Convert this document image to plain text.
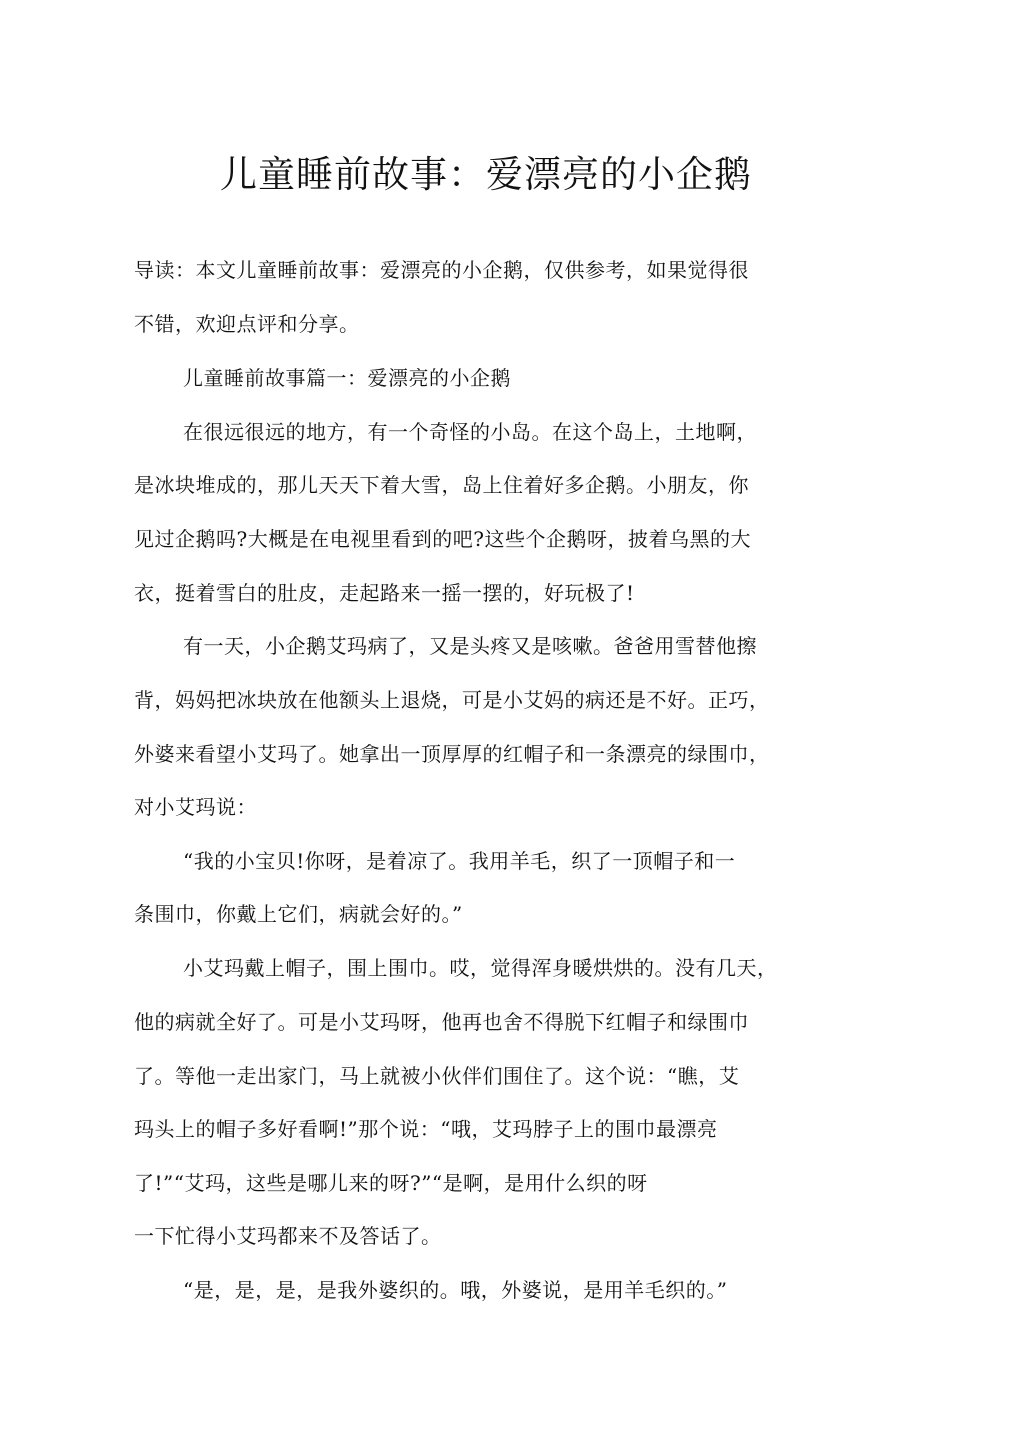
儿童睡前故事：爱漂亮的小企鹅
导读：本文儿童睡前故事：爱漂亮的小企鹅，仅供参考，如果觉得很
不错，欢迎点评和分享。
儿童睡前故事篇一：爱漂亮的小企鹅
在很远很远的地方，有一个奇怪的小岛。在这个岛上，土地啊，
是冰块堆成的，那儿天天下着大雪，岛上住着好多企鹅。小朋友，你
见过企鹅吗?大概是在电视里看到的吧?这些个企鹅呀，披着乌黑的大
衣，挺着雪白的肚皮，走起路来一摇一摆的，好玩极了!
有一天，小企鹅艾玛病了，又是头疼又是咳嗽。爸爸用雪替他擦
背，妈妈把冰块放在他额头上退烧，可是小艾妈的病还是不好。正巧，
外婆来看望小艾玛了。她拿出一顶厚厚的红帽子和一条漂亮的绿围巾，
对小艾玛说：
“我的小宝贝!你呀，是着凉了。我用羊毛，织了一顶帽子和一
条围巾，你戴上它们，病就会好的。”
小艾玛戴上帽子，围上围巾。哎，觉得浑身暖烘烘的。没有几天，
他的病就全好了。可是小艾玛呀，他再也舍不得脱下红帽子和绿围巾
了。等他一走出家门，马上就被小伙伴们围住了。这个说：“瞧，艾
玛头上的帽子多好看啊!”那个说：“哦，艾玛脖子上的围巾最漂亮
了!”“艾玛，这些是哪儿来的呀?”“是啊，是用什么织的呀
一下忙得小艾玛都来不及答话了。
“是，是，是，是我外婆织的。哦，外婆说，是用羊毛织的。”
